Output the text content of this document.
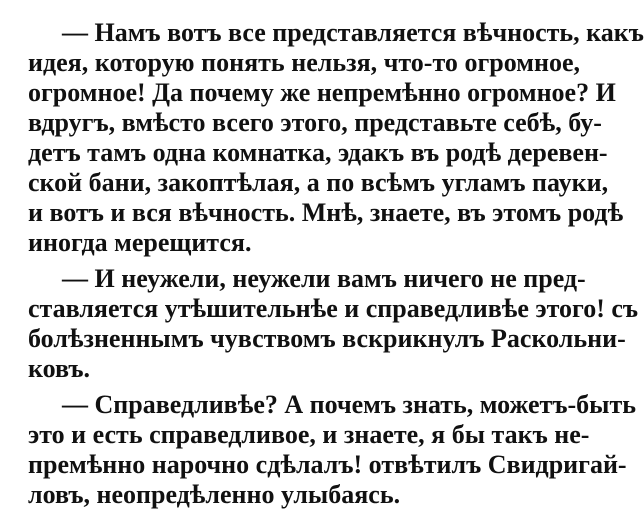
— Намъ вотъ все представляется вѣчность, какъ
идея, которую понять нельзя, что-то огромное,
огромное! Да почему же непремѣнно огромное? И
вдругъ, вмѣсто всего этого, представьте себѣ, бу-
детъ тамъ одна комнатка, эдакъ въ родѣ деревен-
ской бани, закоптѣлая, а по всѣмъ угламъ пауки,
и вотъ и вся вѣчность. Мнѣ, знаете, въ этомъ родѣ
иногда мерещится.
— И неужели, неужели вамъ ничего не пред-
ставляется утѣшительнѣе и справедливѣе этого! съ
болѣзненнымъ чувствомъ вскрикнулъ Раскольни-
ковъ.
— Справедливѣе? А почемъ знать, можетъ-быть
это и есть справедливое, и знаете, я бы такъ не-
премѣнно нарочно сдѣлалъ! отвѣтилъ Свидригай-
ловъ, неопредѣленно улыбаясь.
